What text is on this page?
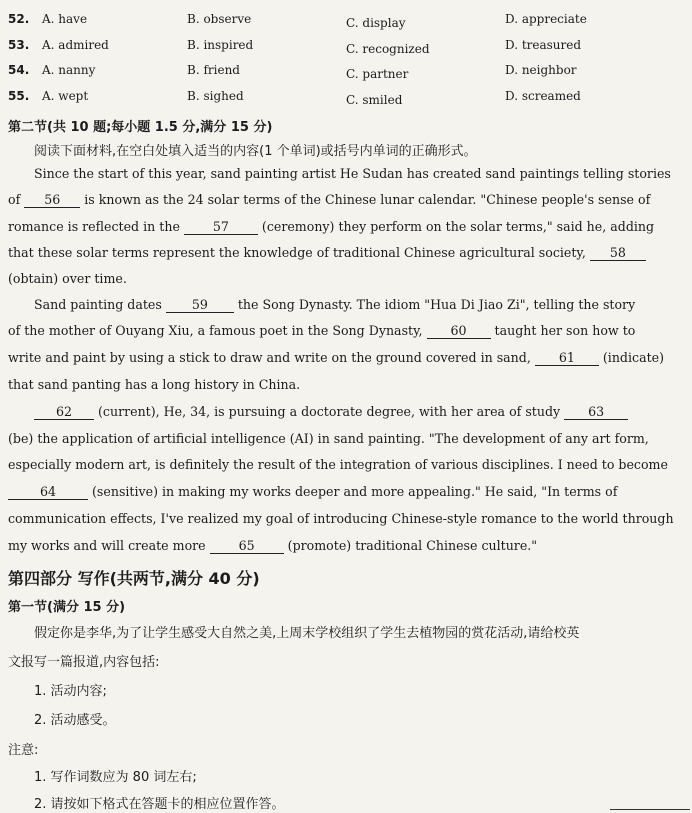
52. A. have	B. observe	C. display	D. appreciate
53. A. admired	B. inspired	C. recognized	D. treasured
54. A. nanny	B. friend	C. partner	D. neighbor
55. A. wept	B. sighed	C. smiled	D. screamed
第二节(共 10 题;每小题 1.5 分,满分 15 分)
阅读下面材料,在空白处填入适当的内容(1 个单词)或括号内单词的正确形式。
Since the start of this year, sand painting artist He Sudan has created sand paintings telling stories
of 56 is known as the 24 solar terms of the Chinese lunar calendar. "Chinese people's sense of
romance is reflected in the 57 (ceremony) they perform on the solar terms," said he, adding
that these solar terms represent the knowledge of traditional Chinese agricultural society, 58
(obtain) over time.
Sand painting dates 59 the Song Dynasty. The idiom "Hua Di Jiao Zi", telling the story
of the mother of Ouyang Xiu, a famous poet in the Song Dynasty, 60 taught her son how to
write and paint by using a stick to draw and write on the ground covered in sand, 61 (indicate)
that sand panting has a long history in China.
62 (current), He, 34, is pursuing a doctorate degree, with her area of study 63
(be) the application of artificial intelligence (AI) in sand painting. "The development of any art form,
especially modern art, is definitely the result of the integration of various disciplines. I need to become
64	(sensitive) in making my works deeper and more appealing." He said, "In terms of
communication effects, I've realized my goal of introducing Chinese-style romance to the world through
my works and will create more 65 (promote) traditional Chinese culture."
第四部分 写作(共两节,满分 40 分)
第一节(满分 15 分)
假定你是李华,为了让学生感受大自然之美,上周末学校组织了学生去植物园的赏花活动,请给校英
文报写一篇报道,内容包括:
1. 活动内容;
2. 活动感受。
注意:
1. 写作词数应为 80 词左右;
2. 请按如下格式在答题卡的相应位置作答。
